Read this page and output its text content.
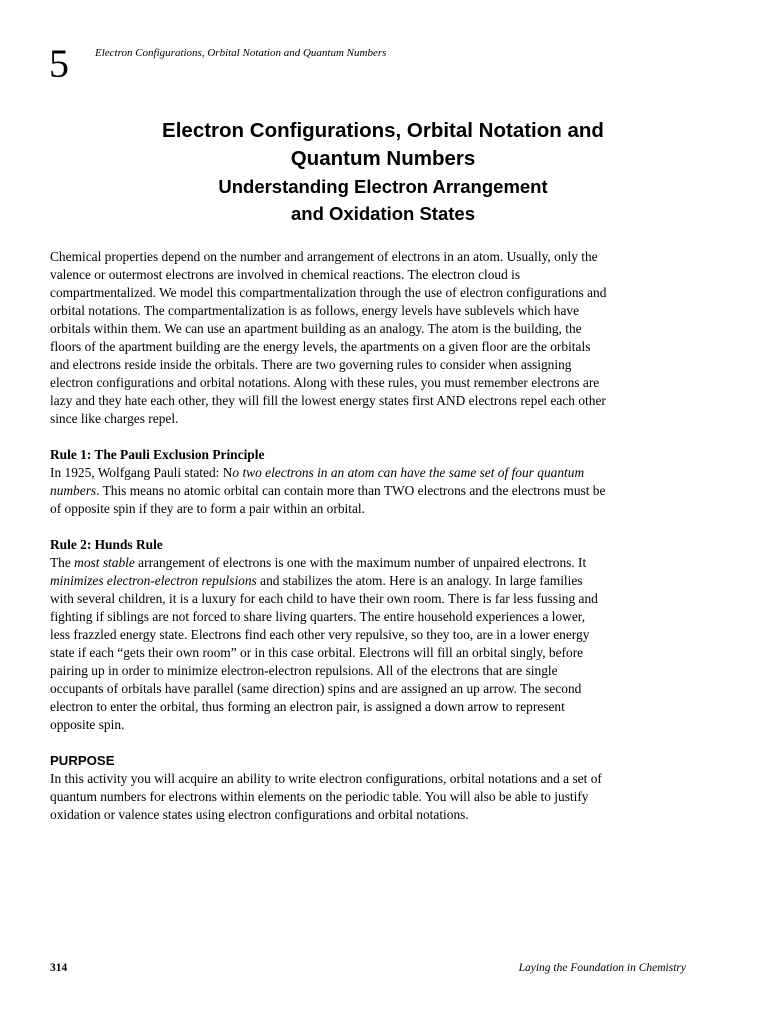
5 Electron Configurations, Orbital Notation and Quantum Numbers
Electron Configurations, Orbital Notation and
Quantum Numbers
Understanding Electron Arrangement
and Oxidation States

Chemical properties depend on the number and arrangement of electrons in an atom. Usually, only the
valence or outermost electrons are involved in chemical reactions. The electron cloud is
compartmentalized. We model this compartmentalization through the use of electron configurations and
orbital notations. The compartmentalization is as follows, energy levels have sublevels which have
orbitals within them. We can use an apartment building as an analogy. The atom is the building, the
floors of the apartment building are the energy levels, the apartments on a given floor are the orbitals
and electrons reside inside the orbitals. There are two governing rules to consider when assigning
electron configurations and orbital notations. Along with these rules, you must remember electrons are
lazy and they hate each other, they will fill the lowest energy states first AND electrons repel each other
since like charges repel.

Rule 1: The Pauli Exclusion Principle
In 1925, Wolfgang Pauli stated: No two electrons in an atom can have the same set of four quantum
numbers. This means no atomic orbital can contain more than TWO electrons and the electrons must be
of opposite spin if they are to form a pair within an orbital.

Rule 2: Hunds Rule
The most stable arrangement of electrons is one with the maximum number of unpaired electrons. It
minimizes electron-electron repulsions and stabilizes the atom. Here is an analogy. In large families
with several children, it is a luxury for each child to have their own room. There is far less fussing and
fighting if siblings are not forced to share living quarters. The entire household experiences a lower,
less frazzled energy state. Electrons find each other very repulsive, so they too, are in a lower energy
state if each “gets their own room” or in this case orbital. Electrons will fill an orbital singly, before
pairing up in order to minimize electron-electron repulsions. All of the electrons that are single
occupants of orbitals have parallel (same direction) spins and are assigned an up arrow. The second
electron to enter the orbital, thus forming an electron pair, is assigned a down arrow to represent
opposite spin.

PURPOSE

In this activity you will acquire an ability to write electron configurations, orbital notations and a set of
quantum numbers for electrons within elements on the periodic table. You will also be able to justify
oxidation or valence states using electron configurations and orbital notations.

314	Laying the Foundation in Chemistry
